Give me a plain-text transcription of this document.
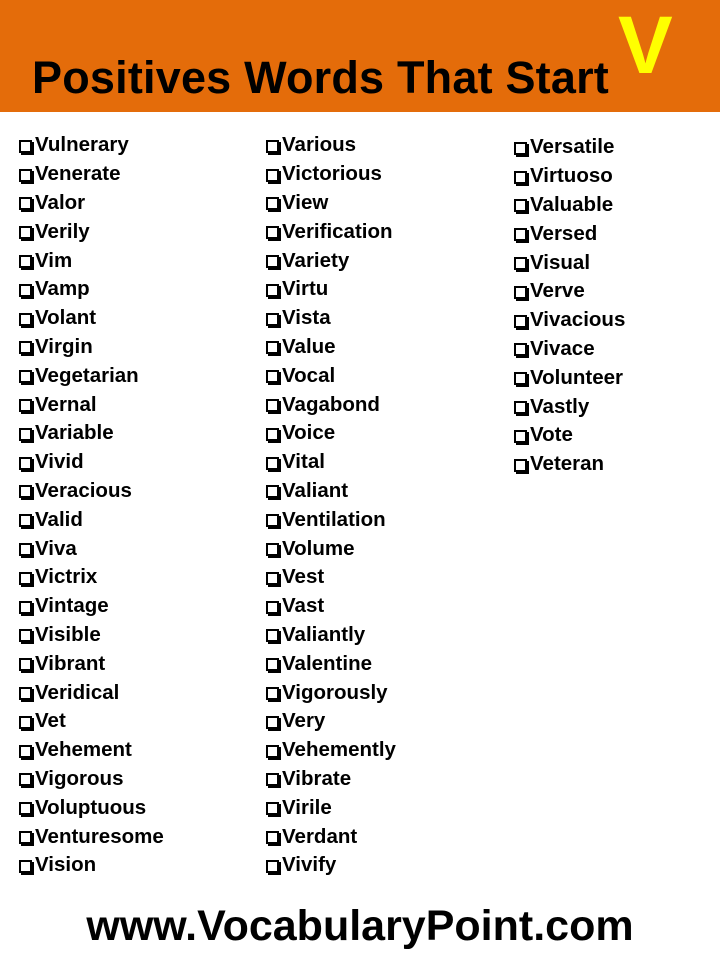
Positives Words That Start V
Vulnerary
Venerate
Valor
Verily
Vim
Vamp
Volant
Virgin
Vegetarian
Vernal
Variable
Vivid
Veracious
Valid
Viva
Victrix
Vintage
Visible
Vibrant
Veridical
Vet
Vehement
Vigorous
Voluptuous
Venturesome
Vision
Various
Victorious
View
Verification
Variety
Virtu
Vista
Value
Vocal
Vagabond
Voice
Vital
Valiant
Ventilation
Volume
Vest
Vast
Valiantly
Valentine
Vigorously
Very
Vehemently
Vibrate
Virile
Verdant
Vivify
Versatile
Virtuoso
Valuable
Versed
Visual
Verve
Vivacious
Vivace
Volunteer
Vastly
Vote
Veteran
www.VocabularyPoint.com
